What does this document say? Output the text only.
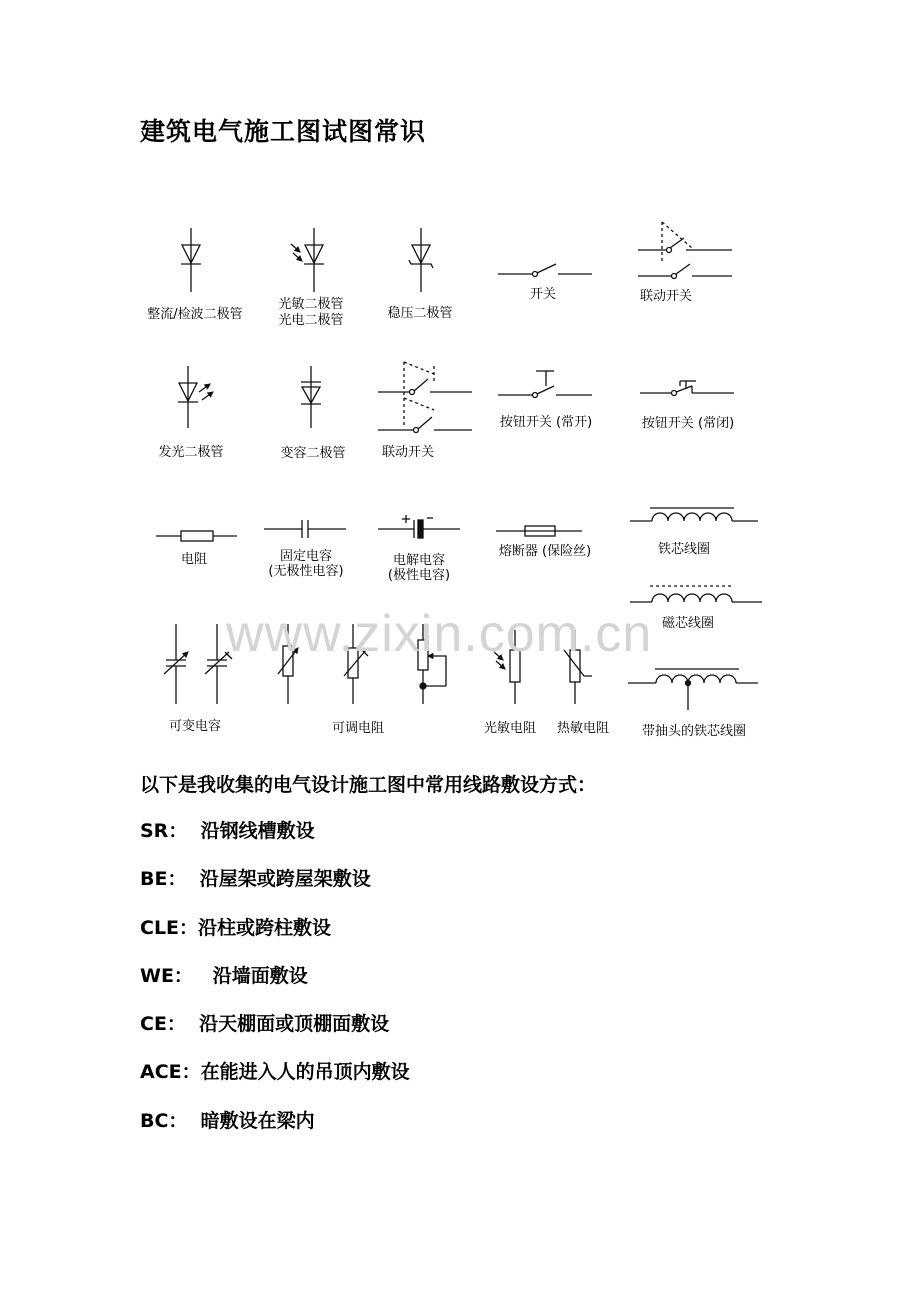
建筑电气施工图试图常识
整流/检波二极管
光敏二极管
光电二极管	稳压二极管
开关	联动开关
发光二极管	变容二极管	联动开关
按钮开关 (常开)	按钮开关 (常闭)
电阻	固定电容
(无极性电容)
电解电容
(极性电容)
熔断器 (保险丝)	铁芯线圈
磁芯线圈
可变电容	可调电阻	光敏电阻 热敏电阻	带抽头的铁芯线圈
www.zixin.com.cn

以下是我收集的电气设计施工图中常用线路敷设方式：

SR： 沿钢线槽敷设
BE： 沿屋架或跨屋架敷设
CLE：沿柱或跨柱敷设
WE： 沿墙面敷设
CE： 沿天棚面或顶棚面敷设
ACE：在能进入人的吊顶内敷设
BC： 暗敷设在梁内
